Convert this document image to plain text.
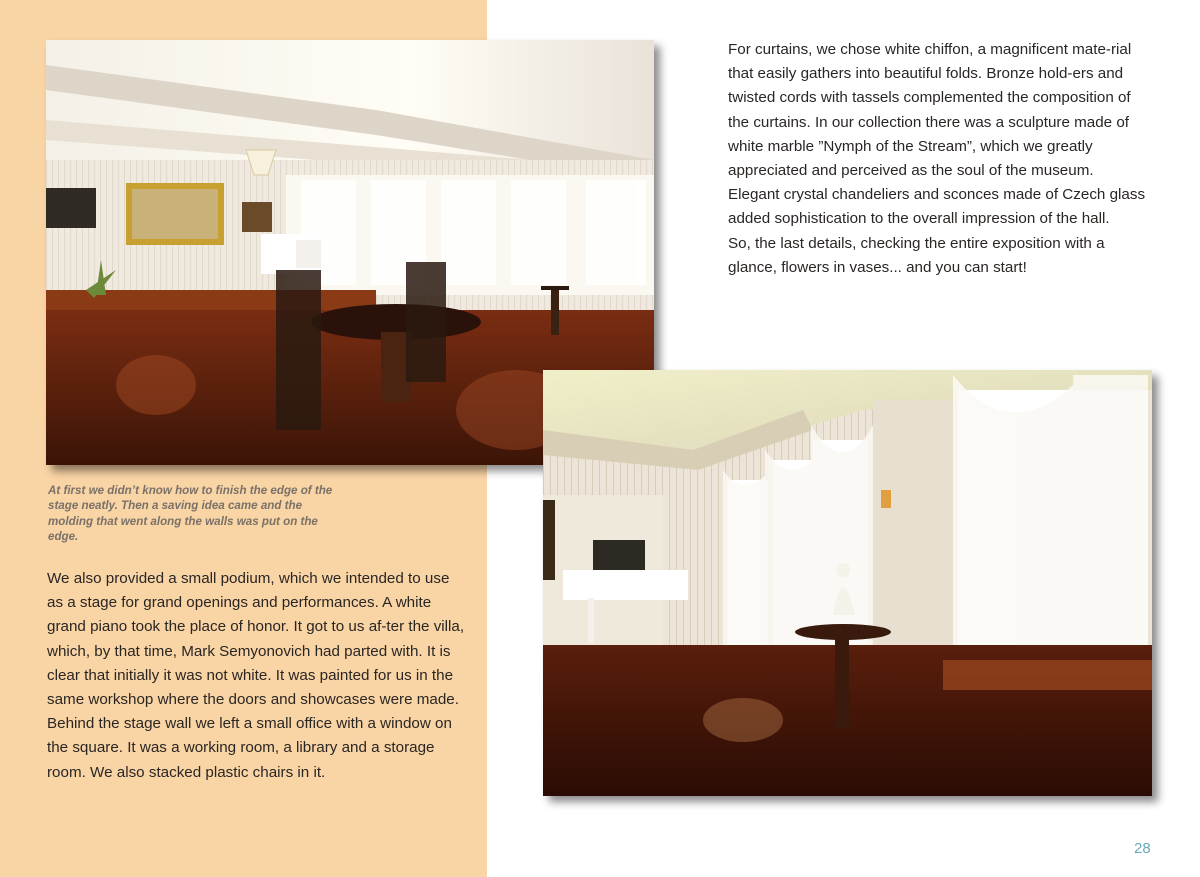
At first we didn’t know how to finish the edge of the stage neatly. Then a saving idea came and the molding that went along the walls was put on the edge.

We also provided a small podium, which we intended to use as a stage for grand openings and performances. A white grand piano took the place of honor. It got to us af-ter the villa, which, by that time, Mark Semyonovich had parted with. It is clear that initially it was not white. It was painted for us in the same workshop where the doors and showcases were made. Behind the stage wall we left a small office with a window on the square. It was a working room, a library and a storage room. We also stacked plastic chairs in it.

For curtains, we chose white chiffon, a magnificent mate-rial that easily gathers into beautiful folds. Bronze hold-ers and twisted cords with tassels complemented the composition of the curtains. In our collection there was a sculpture made of white marble ”Nymph of the Stream”, which we greatly appreciated and perceived as the soul of the museum. Elegant crystal chandeliers and sconces made of Czech glass added sophistication to the overall impression of the hall.

So, the last details, checking the entire exposition with a glance, flowers in vases... and you can start!

28
